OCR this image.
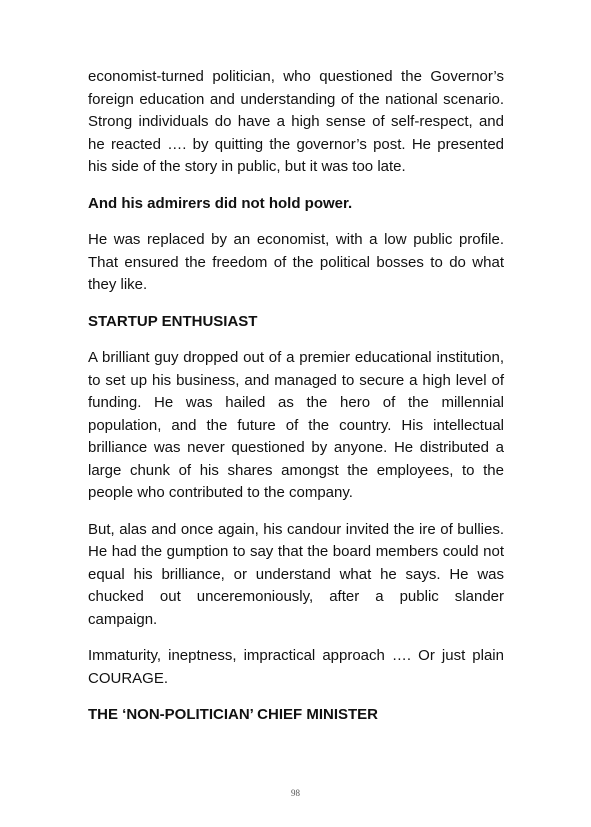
economist-turned politician, who questioned the Governor’s foreign education and understanding of the national scenario. Strong individuals do have a high sense of self-respect, and he reacted …. by quitting the governor’s post. He presented his side of the story in public, but it was too late.

And his admirers did not hold power.

He was replaced by an economist, with a low public profile. That ensured the freedom of the political bosses to do what they like.

STARTUP ENTHUSIAST

A brilliant guy dropped out of a premier educational institution, to set up his business, and managed to secure a high level of funding. He was hailed as the hero of the millennial population, and the future of the country. His intellectual brilliance was never questioned by anyone. He distributed a large chunk of his shares amongst the employees, to the people who contributed to the company.

But, alas and once again, his candour invited the ire of bullies. He had the gumption to say that the board members could not equal his brilliance, or understand what he says. He was chucked out unceremoniously, after a public slander campaign.

Immaturity, ineptness, impractical approach …. Or just plain COURAGE.

THE ‘NON-POLITICIAN’ CHIEF MINISTER

98
